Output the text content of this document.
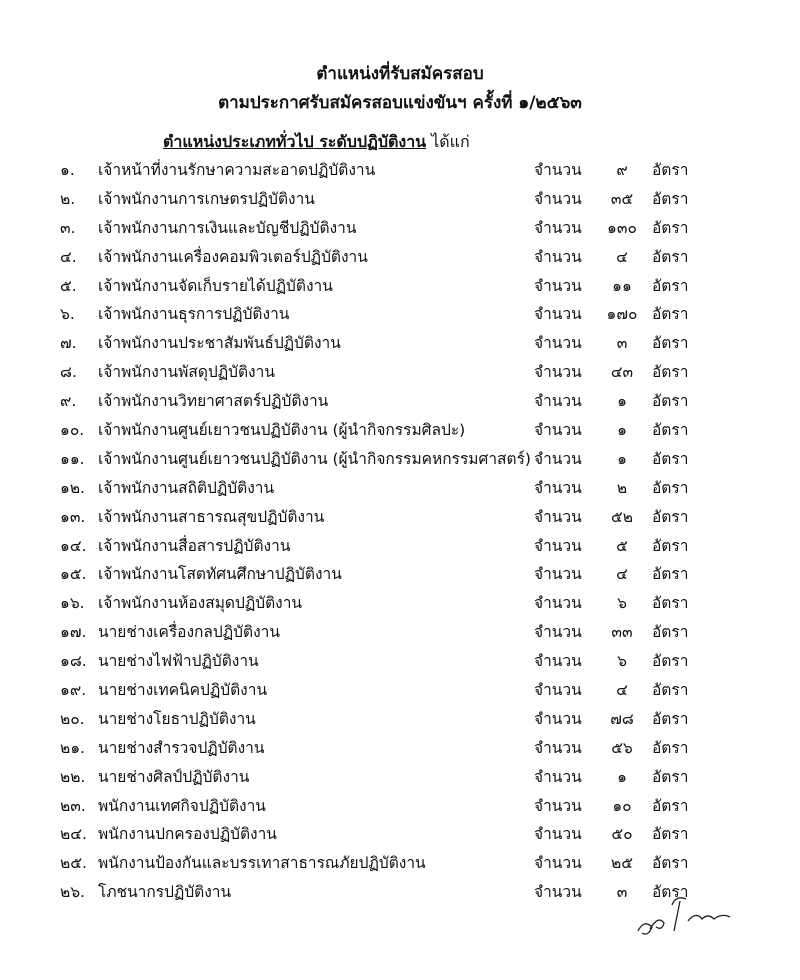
ตำแหน่งที่รับสมัครสอบ
ตามประกาศรับสมัครสอบแข่งขันฯ ครั้งที่ ๑/๒๕๖๓
ตำแหน่งประเภททั่วไป ระดับปฏิบัติงาน ได้แก่
๑. เจ้าหน้าที่งานรักษาความสะอาดปฏิบัติงาน	จำนวน	๙	อัตรา
๒. เจ้าพนักงานการเกษตรปฏิบัติงาน	จำนวน	๓๕	อัตรา
๓. เจ้าพนักงานการเงินและบัญชีปฏิบัติงาน	จำนวน	๑๓๐ อัตรา
๔. เจ้าพนักงานเครื่องคอมพิวเตอร์ปฏิบัติงาน	จำนวน	๔	อัตรา
๕. เจ้าพนักงานจัดเก็บรายได้ปฏิบัติงาน	จำนวน	๑๑	อัตรา
๖. เจ้าพนักงานธุรการปฏิบัติงาน	จำนวน	๑๗๐ อัตรา
๗. เจ้าพนักงานประชาสัมพันธ์ปฏิบัติงาน	จำนวน	๓	อัตรา
๘. เจ้าพนักงานพัสดุปฏิบัติงาน	จำนวน	๔๓	อัตรา
๙. เจ้าพนักงานวิทยาศาสตร์ปฏิบัติงาน	จำนวน	๑	อัตรา
๑๐. เจ้าพนักงานศูนย์เยาวชนปฏิบัติงาน (ผู้นำกิจกรรมศิลปะ)	จำนวน	๑	อัตรา
๑๑. เจ้าพนักงานศูนย์เยาวชนปฏิบัติงาน (ผู้นำกิจกรรมคหกรรมศาสตร์) จำนวน	๑	อัตรา
๑๒. เจ้าพนักงานสถิติปฏิบัติงาน	จำนวน	๒	อัตรา
๑๓. เจ้าพนักงานสาธารณสุขปฏิบัติงาน	จำนวน	๕๒	อัตรา
๑๔. เจ้าพนักงานสื่อสารปฏิบัติงาน	จำนวน	๕	อัตรา
๑๕. เจ้าพนักงานโสตทัศนศึกษาปฏิบัติงาน	จำนวน	๔	อัตรา
๑๖. เจ้าพนักงานห้องสมุดปฏิบัติงาน	จำนวน	๖	อัตรา
๑๗. นายช่างเครื่องกลปฏิบัติงาน	จำนวน	๓๓	อัตรา
๑๘. นายช่างไฟฟ้าปฏิบัติงาน	จำนวน	๖	อัตรา
๑๙. นายช่างเทคนิคปฏิบัติงาน	จำนวน	๔	อัตรา
๒๐. นายช่างโยธาปฏิบัติงาน	จำนวน	๗๘	อัตรา
๒๑. นายช่างสำรวจปฏิบัติงาน	จำนวน	๕๖	อัตรา
๒๒. นายช่างศิลป์ปฏิบัติงาน	จำนวน	๑	อัตรา
๒๓. พนักงานเทศกิจปฏิบัติงาน	จำนวน	๑๐	อัตรา
๒๔. พนักงานปกครองปฏิบัติงาน	จำนวน	๕๐	อัตรา
๒๕. พนักงานป้องกันและบรรเทาสาธารณภัยปฏิบัติงาน	จำนวน	๒๕	อัตรา
๒๖. โภชนากรปฏิบัติงาน	จำนวน	๓	อัตรา
